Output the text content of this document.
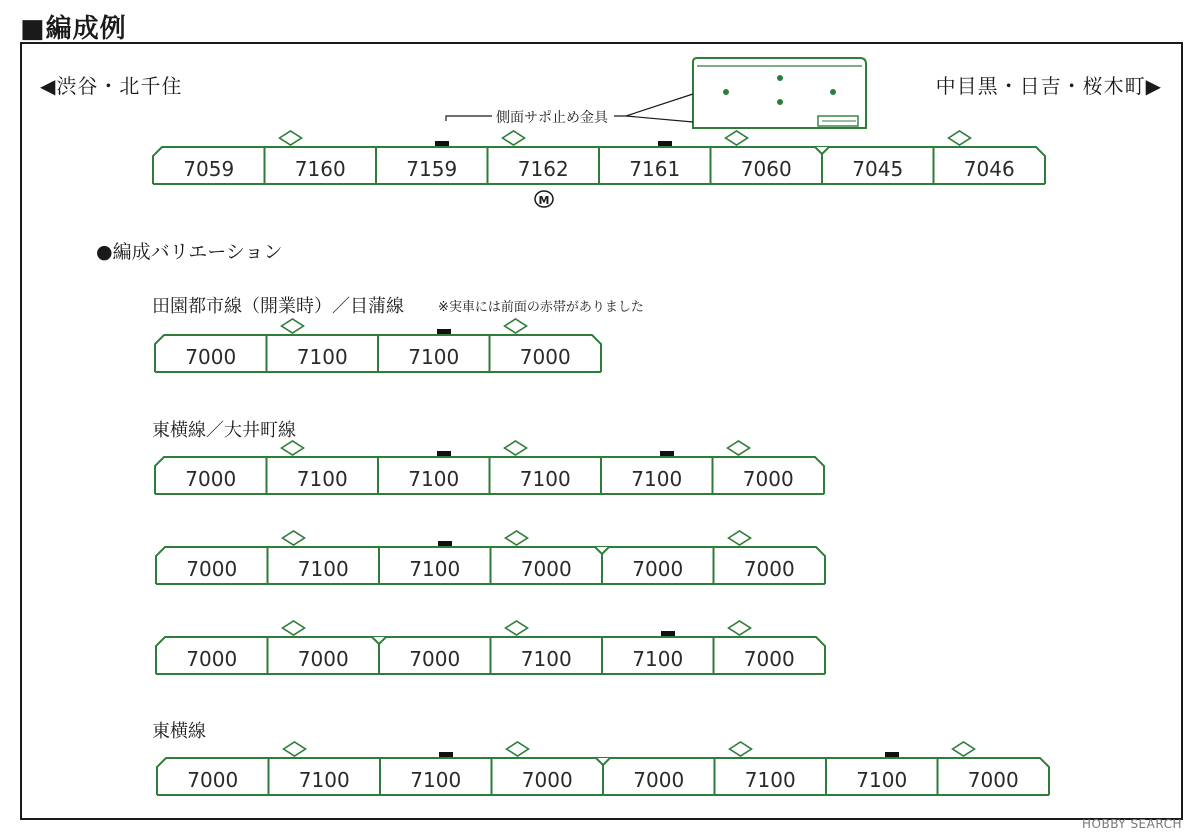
■編成例
◀渋谷・北千住	中目黒・日吉・桜木町▶
側面サポ止め金具
7059	7160	7159	7162	7161	7060	7045	7046
M
●編成バリエーション
田園都市線（開業時）／目蒲線	※実車には前面の赤帯がありました
7000	7100	7100	7000
東横線／大井町線
7000	7100	7100	7100	7100	7000
7000	7100	7100	7000	7000	7000
7000	7000	7000	7100	7100	7000
東横線
7000	7100	7100	7000	7000	7100	7100	7000
HOBBY SEARCH
